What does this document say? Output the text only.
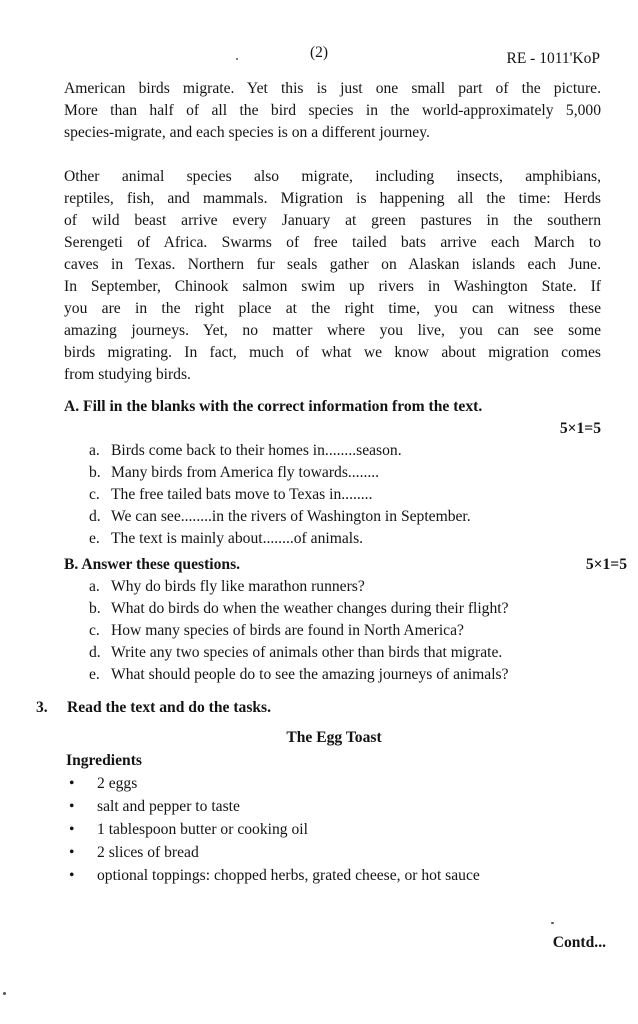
(2)	RE - 1011'KoP
American birds migrate. Yet this is just one small part of the picture.
More than half of all the bird species in the world-approximately 5,000
species-migrate, and each species is on a different journey.
Other animal species also migrate, including insects, amphibians,
reptiles, fish, and mammals. Migration is happening all the time: Herds
of wild beast arrive every January at green pastures in the southern
Serengeti of Africa. Swarms of free tailed bats arrive each March to
caves in Texas. Northern fur seals gather on Alaskan islands each June.
In September, Chinook salmon swim up rivers in Washington State. If
you are in the right place at the right time, you can witness these
amazing journeys. Yet, no matter where you live, you can see some
birds migrating. In fact, much of what we know about migration comes
from studying birds.
A. Fill in the blanks with the correct information from the text.
5×1=5
a. Birds come back to their homes in........season.
b. Many birds from America fly towards........
c. The free tailed bats move to Texas in........
d. We can see........in the rivers of Washington in September.
e. The text is mainly about........of animals.
B. Answer these questions.	5×1=5
a. Why do birds fly like marathon runners?
b. What do birds do when the weather changes during their flight?
c. How many species of birds are found in North America?
d. Write any two species of animals other than birds that migrate.
e. What should people do to see the amazing journeys of animals?
3. Read the text and do the tasks.
The Egg Toast
Ingredients
• 2 eggs
• salt and pepper to taste
• 1 tablespoon butter or cooking oil
• 2 slices of bread
• optional toppings: chopped herbs, grated cheese, or hot sauce
Contd...
